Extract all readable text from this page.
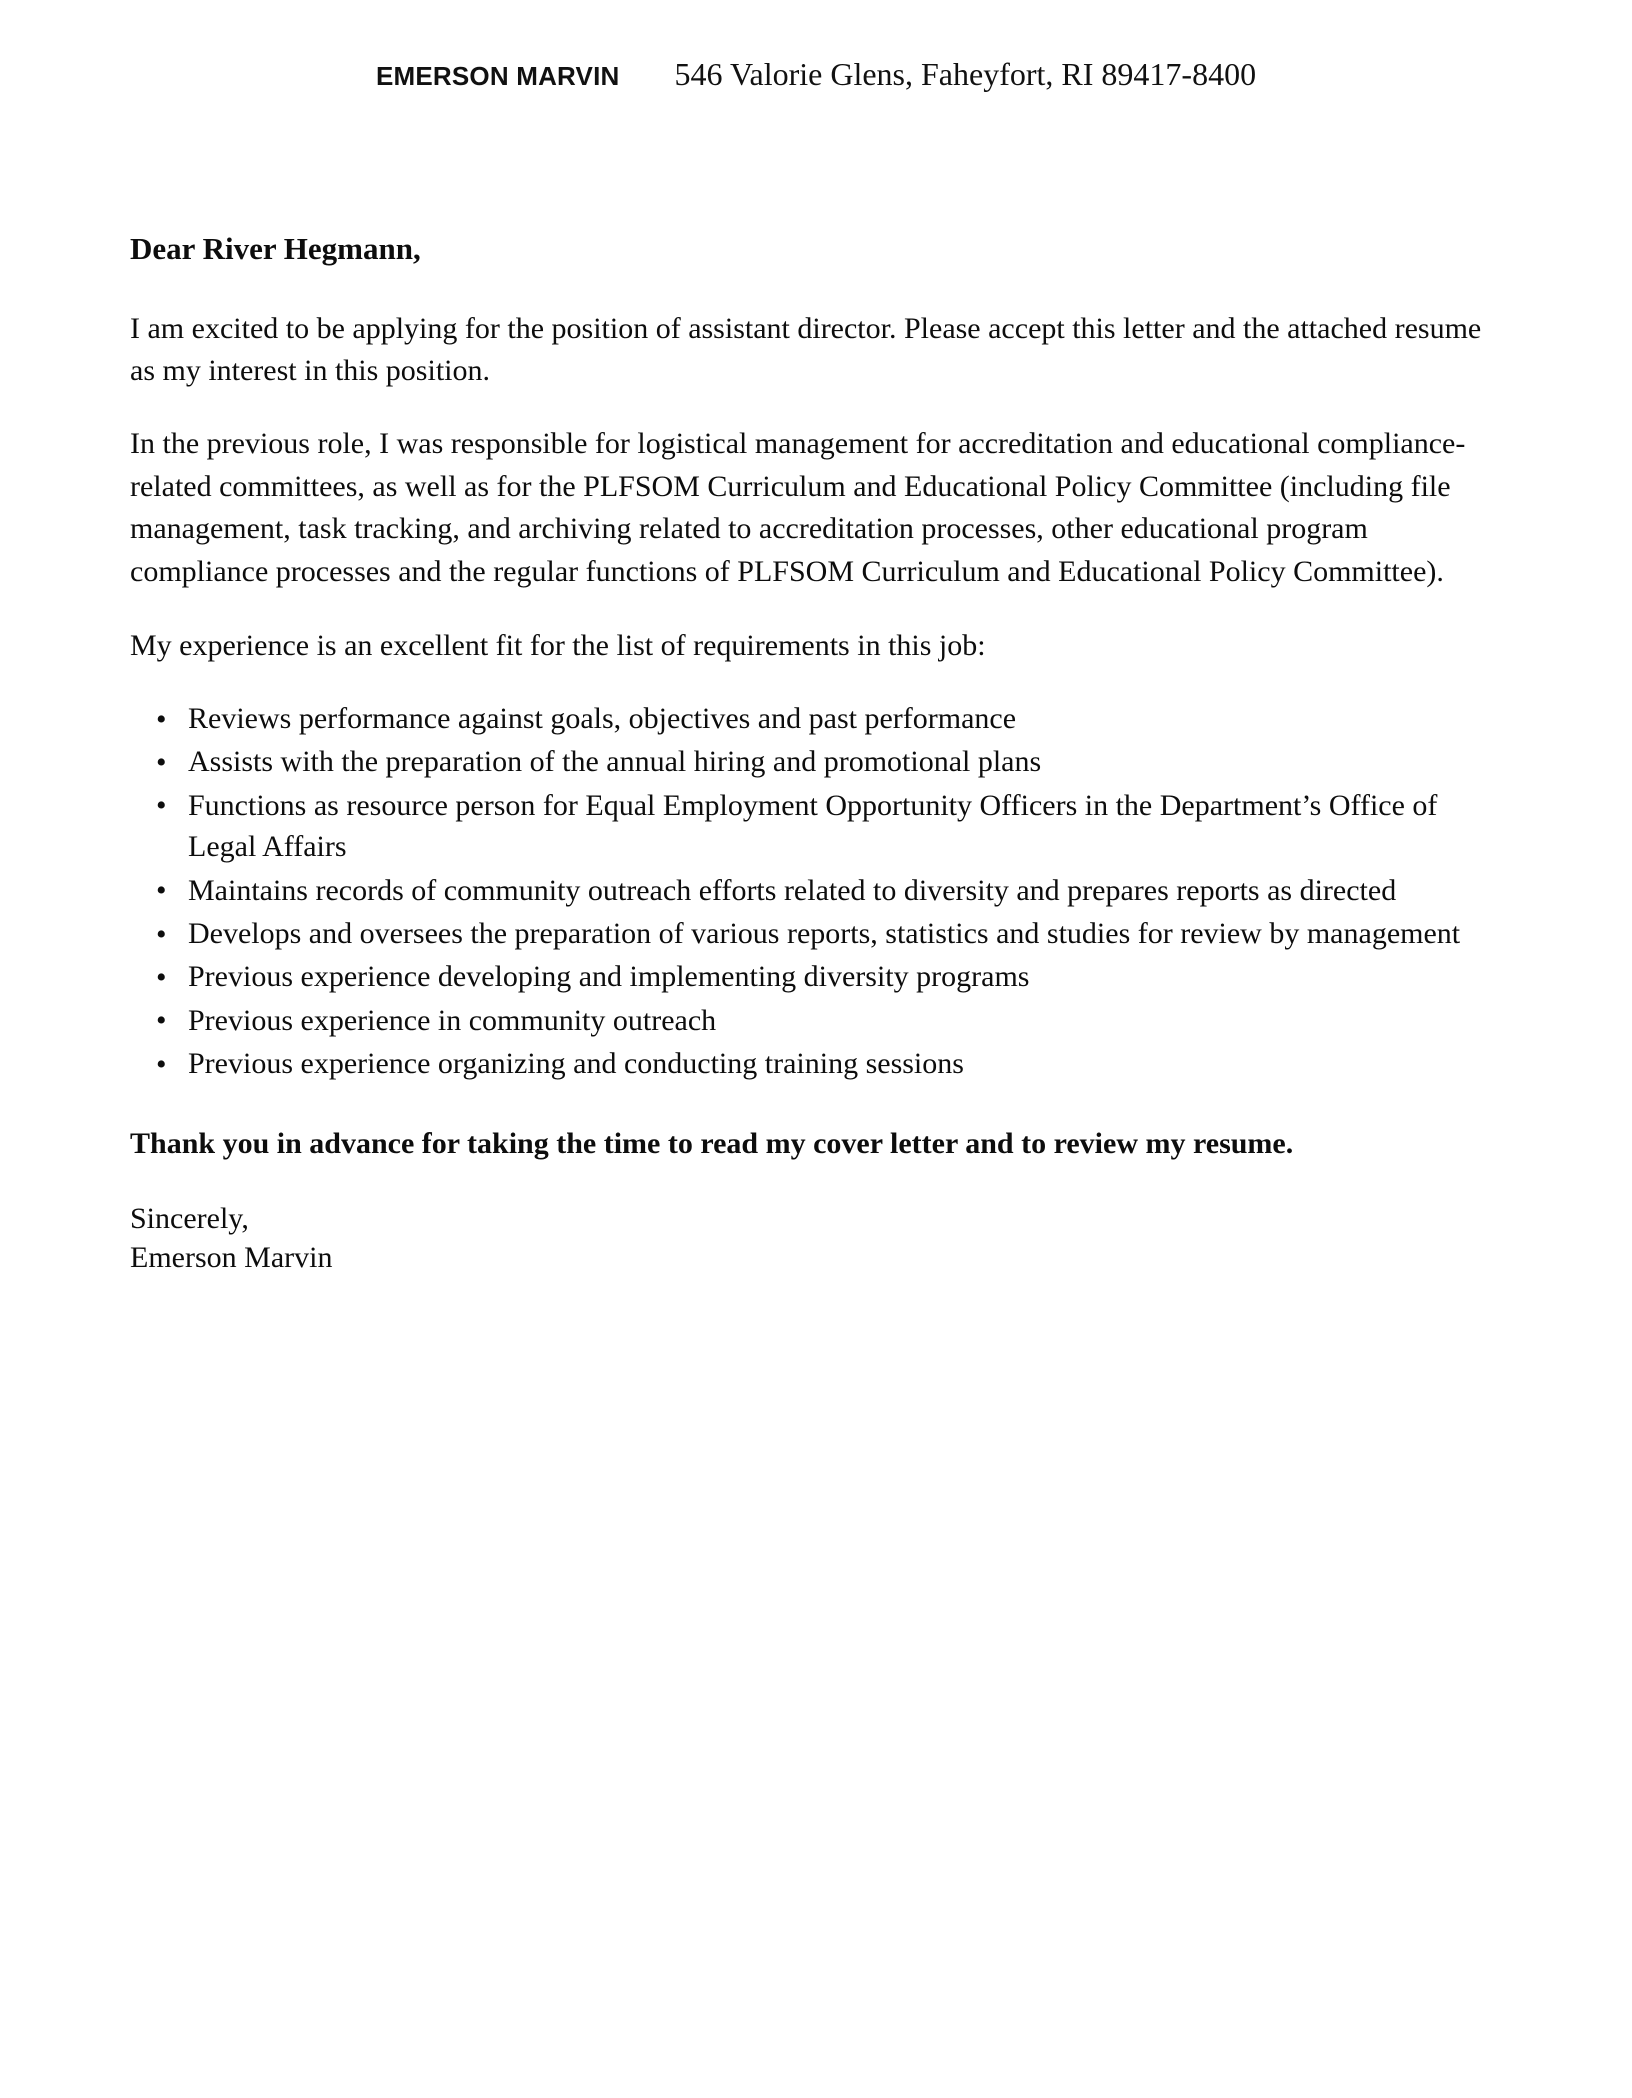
EMERSON MARVIN 546 Valorie Glens, Faheyfort, RI 89417-8400

Dear River Hegmann,

I am excited to be applying for the position of assistant director. Please accept this letter and the attached resume as my interest in this position.

In the previous role, I was responsible for logistical management for accreditation and educational compliance-related committees, as well as for the PLFSOM Curriculum and Educational Policy Committee (including file management, task tracking, and archiving related to accreditation processes, other educational program compliance processes and the regular functions of PLFSOM Curriculum and Educational Policy Committee).

My experience is an excellent fit for the list of requirements in this job:

• Reviews performance against goals, objectives and past performance
• Assists with the preparation of the annual hiring and promotional plans
• Functions as resource person for Equal Employment Opportunity Officers in the Department’s Office of Legal Affairs
• Maintains records of community outreach efforts related to diversity and prepares reports as directed
• Develops and oversees the preparation of various reports, statistics and studies for review by management
• Previous experience developing and implementing diversity programs
• Previous experience in community outreach
• Previous experience organizing and conducting training sessions

Thank you in advance for taking the time to read my cover letter and to review my resume.

Sincerely,
Emerson Marvin
